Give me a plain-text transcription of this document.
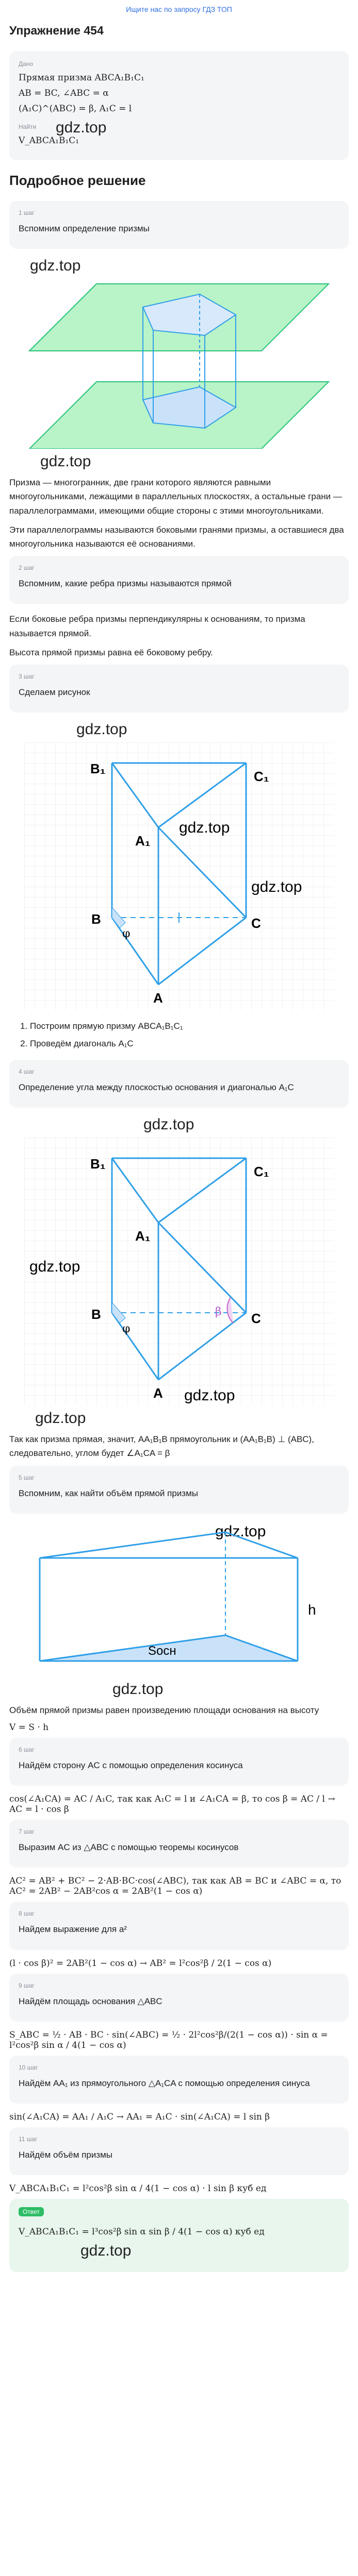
Ищите нас по запросу ГДЗ ТОП
Упражнение 454
Дано
Прямая призма ABCA₁B₁C₁
AB = BC, ∠ABC = α
(A₁C)^(ABC) = β, A₁C = l
Найти
V_ABCA₁B₁C₁
gdz.top
Подробное решение
1 шаг
Вспомним определение призмы
gdz.top
gdz.top
Призма — многогранник, две грани которого являются равными многоугольниками, лежащими в параллельных плоскостях, а остальные грани — параллелограммами, имеющими общие стороны с этими многоугольниками.
Эти параллелограммы называются боковыми гранями призмы, а оставшиеся два многоугольника называются её основаниями.
2 шаг
Вспомним, какие ребра призмы называются прямой
Если боковые ребра призмы перпендикулярны к основаниям, то призма называется прямой.
Высота прямой призмы равна её боковому ребру.
3 шаг
Сделаем рисунок
gdz.top
B₁	C₁
A₁
gdz.top
B	C
φ
A
gdz.top
1. Построим прямую призму ABCA₁B₁C₁
2. Проведём диагональ A₁C
4 шаг
Определение угла между плоскостью основания и диагональю A₁C
gdz.top
β
B₁	C₁
A₁
gdz.top
B	C
φ
A gdz.top
gdz.top
Так как призма прямая, значит, AA₁B₁B прямоугольник и (AA₁B₁B) ⊥ (ABC), следовательно, углом будет ∠A₁CA = β
5 шаг
Вспомним, как найти объём прямой призмы
gdz.top
h
Sосн
gdz.top
Объём прямой призмы равен произведению площади основания на высоту
V = S · h
6 шаг
Найдём сторону AC с помощью определения косинуса
cos(∠A₁CA) = AC / A₁C, так как A₁C = l и ∠A₁CA = β, то cos β = AC / l → AC = l · cos β
7 шаг
Выразим AC из △ABC с помощью теоремы косинусов
AC² = AB² + BC² − 2·AB·BC·cos(∠ABC), так как AB = BC и ∠ABC = α, то AC² = 2AB² − 2AB²cos α = 2AB²(1 − cos α)
8 шаг
Найдем выражение для a²
(l · cos β)² = 2AB²(1 − cos α) → AB² = l²cos²β / 2(1 − cos α)
9 шаг
Найдём площадь основания △ABC
S_ABC = ½ · AB · BC · sin(∠ABC) = ½ · 2l²cos²β/(2(1 − cos α)) · sin α = l²cos²β sin α / 4(1 − cos α)
10 шаг
Найдём AA₁ из прямоугольного △A₁CA с помощью определения синуса
sin(∠A₁CA) = AA₁ / A₁C → AA₁ = A₁C · sin(∠A₁CA) = l sin β
11 шаг
Найдём объём призмы
V_ABCA₁B₁C₁ = l²cos²β sin α / 4(1 − cos α) · l sin β куб ед
Ответ
V_ABCA₁B₁C₁ = l³cos²β sin α sin β / 4(1 − cos α) куб ед
gdz.top
